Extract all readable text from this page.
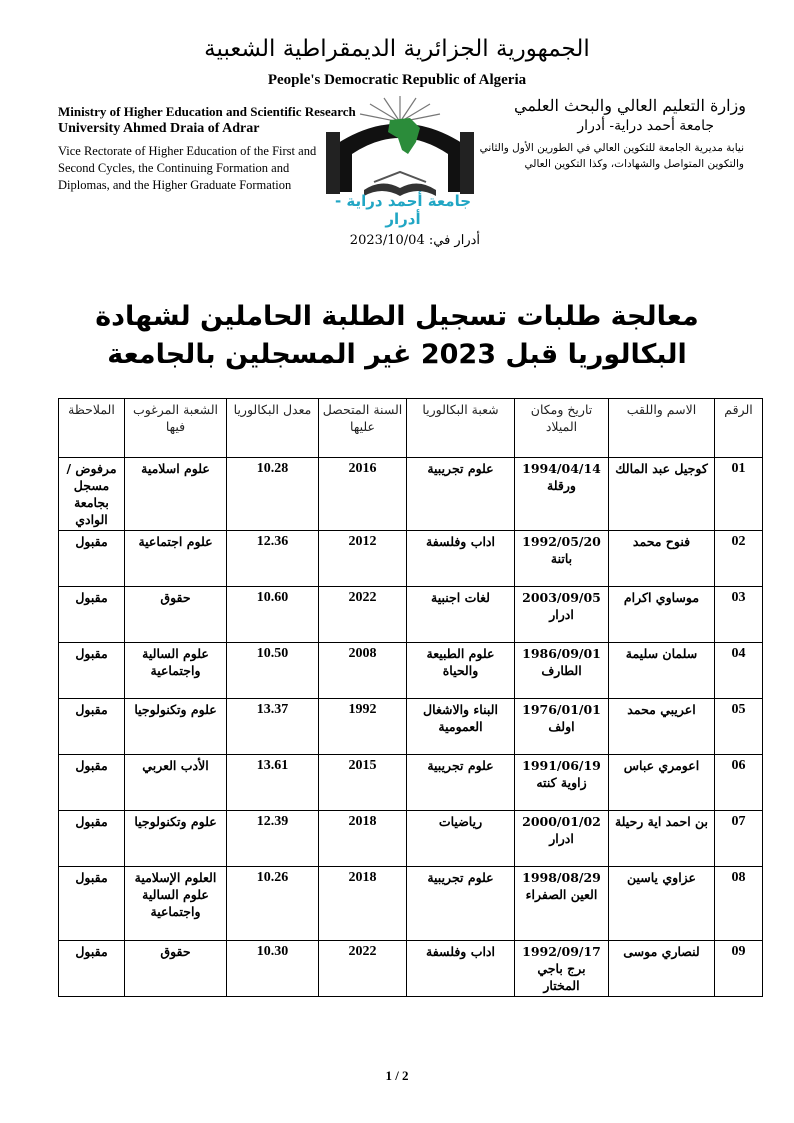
الجمهورية الجزائرية الديمقراطية الشعبية
People's Democratic Republic of Algeria
Ministry of Higher Education and Scientific Research
University Ahmed Draia of Adrar
Vice Rectorate of Higher Education of the First and
Second Cycles, the Continuing Formation and
Diplomas, and the Higher Graduate Formation
وزارة التعليم العالي والبحث العلمي
جامعة أحمد دراية- أدرار
نيابة مديرية الجامعة للتكوين العالي في الطورين الأول والثاني
والتكوين المتواصل والشهادات، وكذا التكوين العالي
جامعة أحمد دراية - أدرار
أدرار في: 2023/10/04
معالجة طلبات تسجيل الطلبة الحاملين لشهادة البكالوريا قبل 2023 غير المسجلين بالجامعة
الرقم	الاسم واللقب	تاريخ ومكان الميلاد	شعبة البكالوريا	السنة المتحصل عليها	معدل البكالوريا	الشعبة المرغوب فيها	الملاحظة
01	كوجيل عبد المالك	1994/04/14 ورقلة	علوم تجريبية	2016	10.28	علوم اسلامية	مرفوض /مسجل بجامعة الوادي
02	فنوح محمد	1992/05/20 باتنة	اداب وفلسفة	2012	12.36	علوم اجتماعية	مقبول
03	موساوي اكرام	2003/09/05 ادرار	لغات اجنبية	2022	10.60	حقوق	مقبول
04	سلمان سليمة	1986/09/01 الطارف	علوم الطبيعة والحياة	2008	10.50	علوم السالية واجتماعية	مقبول
05	اعريبي محمد	1976/01/01 اولف	البناء والاشغال العمومية	1992	13.37	علوم وتكنولوجيا	مقبول
06	اعومري عباس	1991/06/19 زاوية كنته	علوم تجريبية	2015	13.61	الأدب العربي	مقبول
07	بن احمد اية رحيلة	2000/01/02 ادرار	رياضيات	2018	12.39	علوم وتكنولوجيا	مقبول
08	عزاوي ياسين	1998/08/29 العين الصفراء	علوم تجريبية	2018	10.26	العلوم الإسلامية علوم السالية واجتماعية	مقبول
09	لنصاري موسى	1992/09/17 برج باجي المختار	اداب وفلسفة	2022	10.30	حقوق	مقبول
1 / 2
